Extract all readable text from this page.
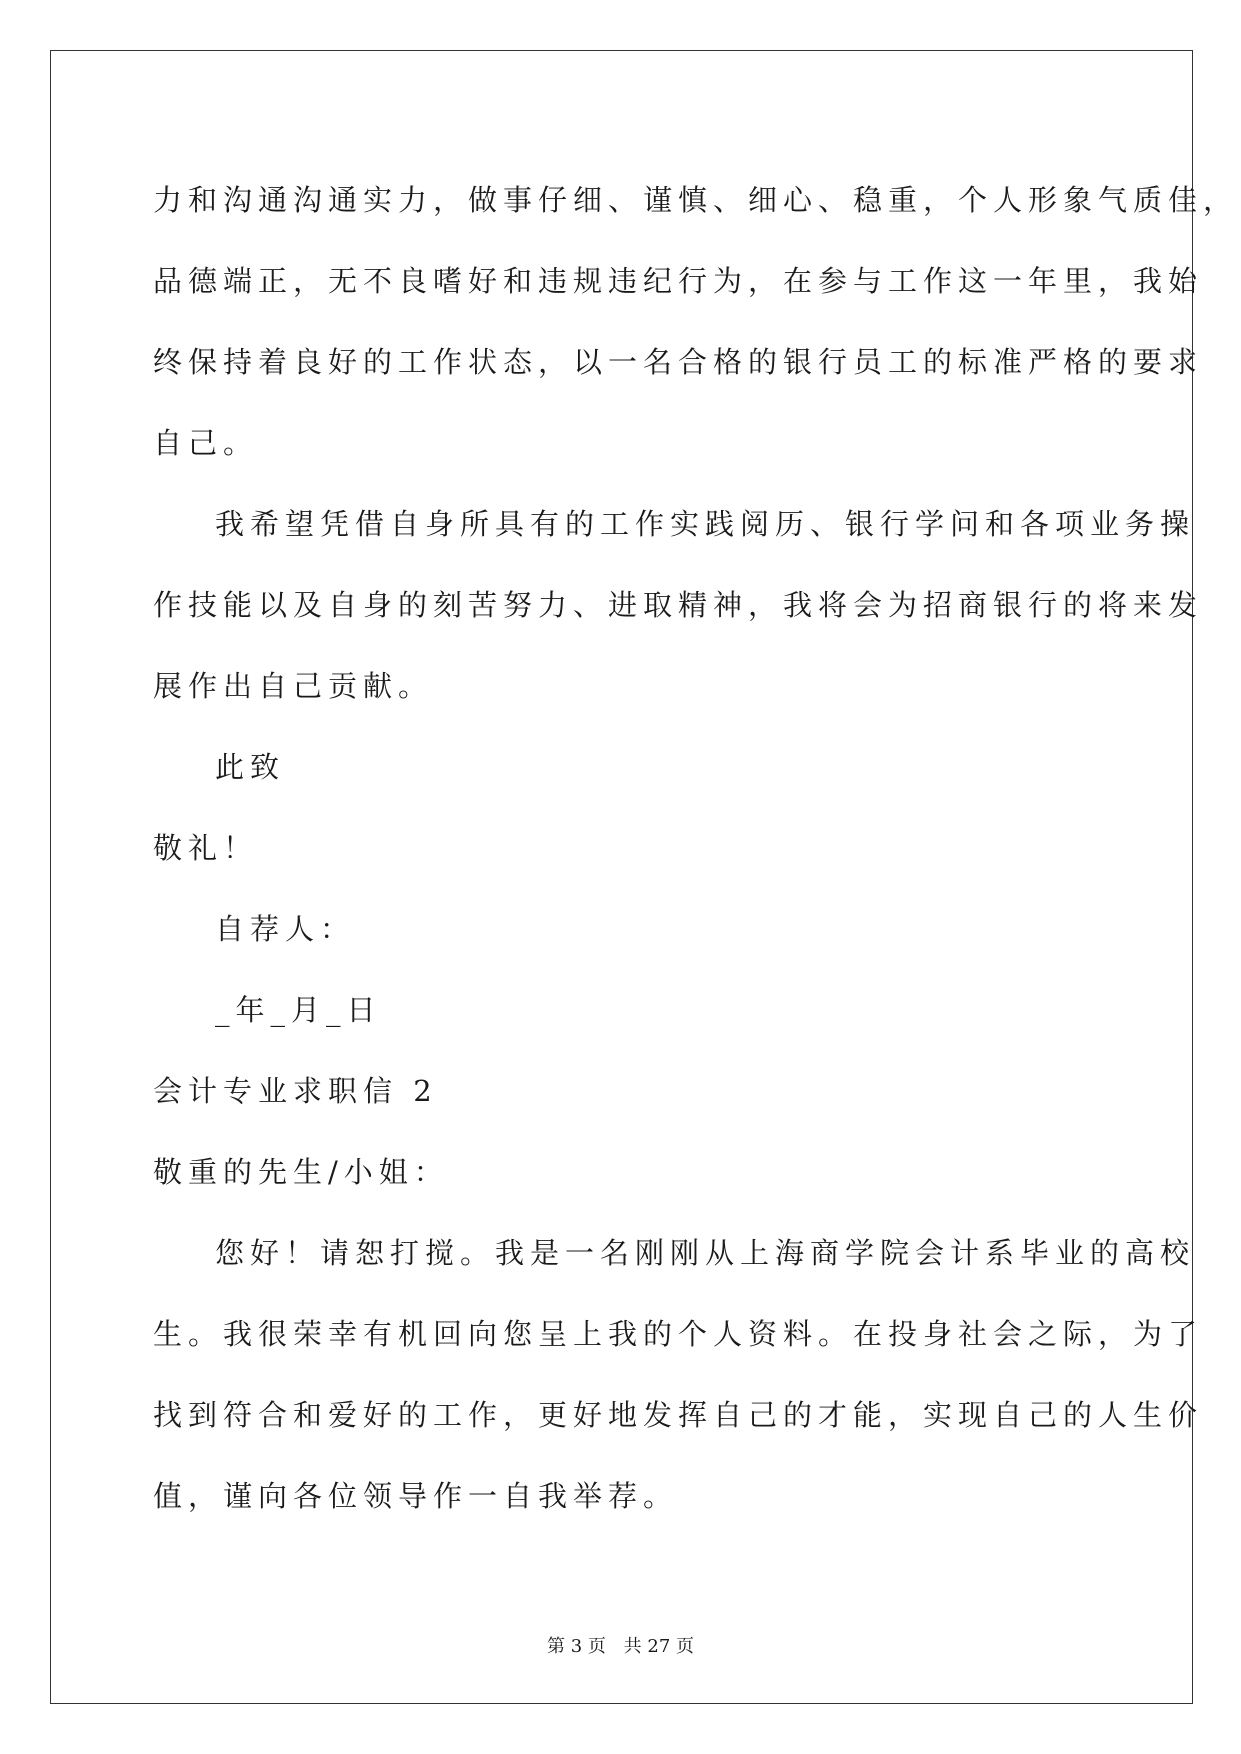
力和沟通沟通实力，做事仔细、谨慎、细心、稳重，个人形象气质佳，
品德端正，无不良嗜好和违规违纪行为，在参与工作这一年里，我始
终保持着良好的工作状态，以一名合格的银行员工的标准严格的要求
自己。
我希望凭借自身所具有的工作实践阅历、银行学问和各项业务操
作技能以及自身的刻苦努力、进取精神，我将会为招商银行的将来发
展作出自己贡献。
此致
敬礼！
自荐人：
_年_月_日
会计专业求职信 2
敬重的先生/小姐：
您好！请恕打搅。我是一名刚刚从上海商学院会计系毕业的高校
生。我很荣幸有机回向您呈上我的个人资料。在投身社会之际，为了
找到符合和爱好的工作，更好地发挥自己的才能，实现自己的人生价
值，谨向各位领导作一自我举荐。
第 3 页 共 27 页
